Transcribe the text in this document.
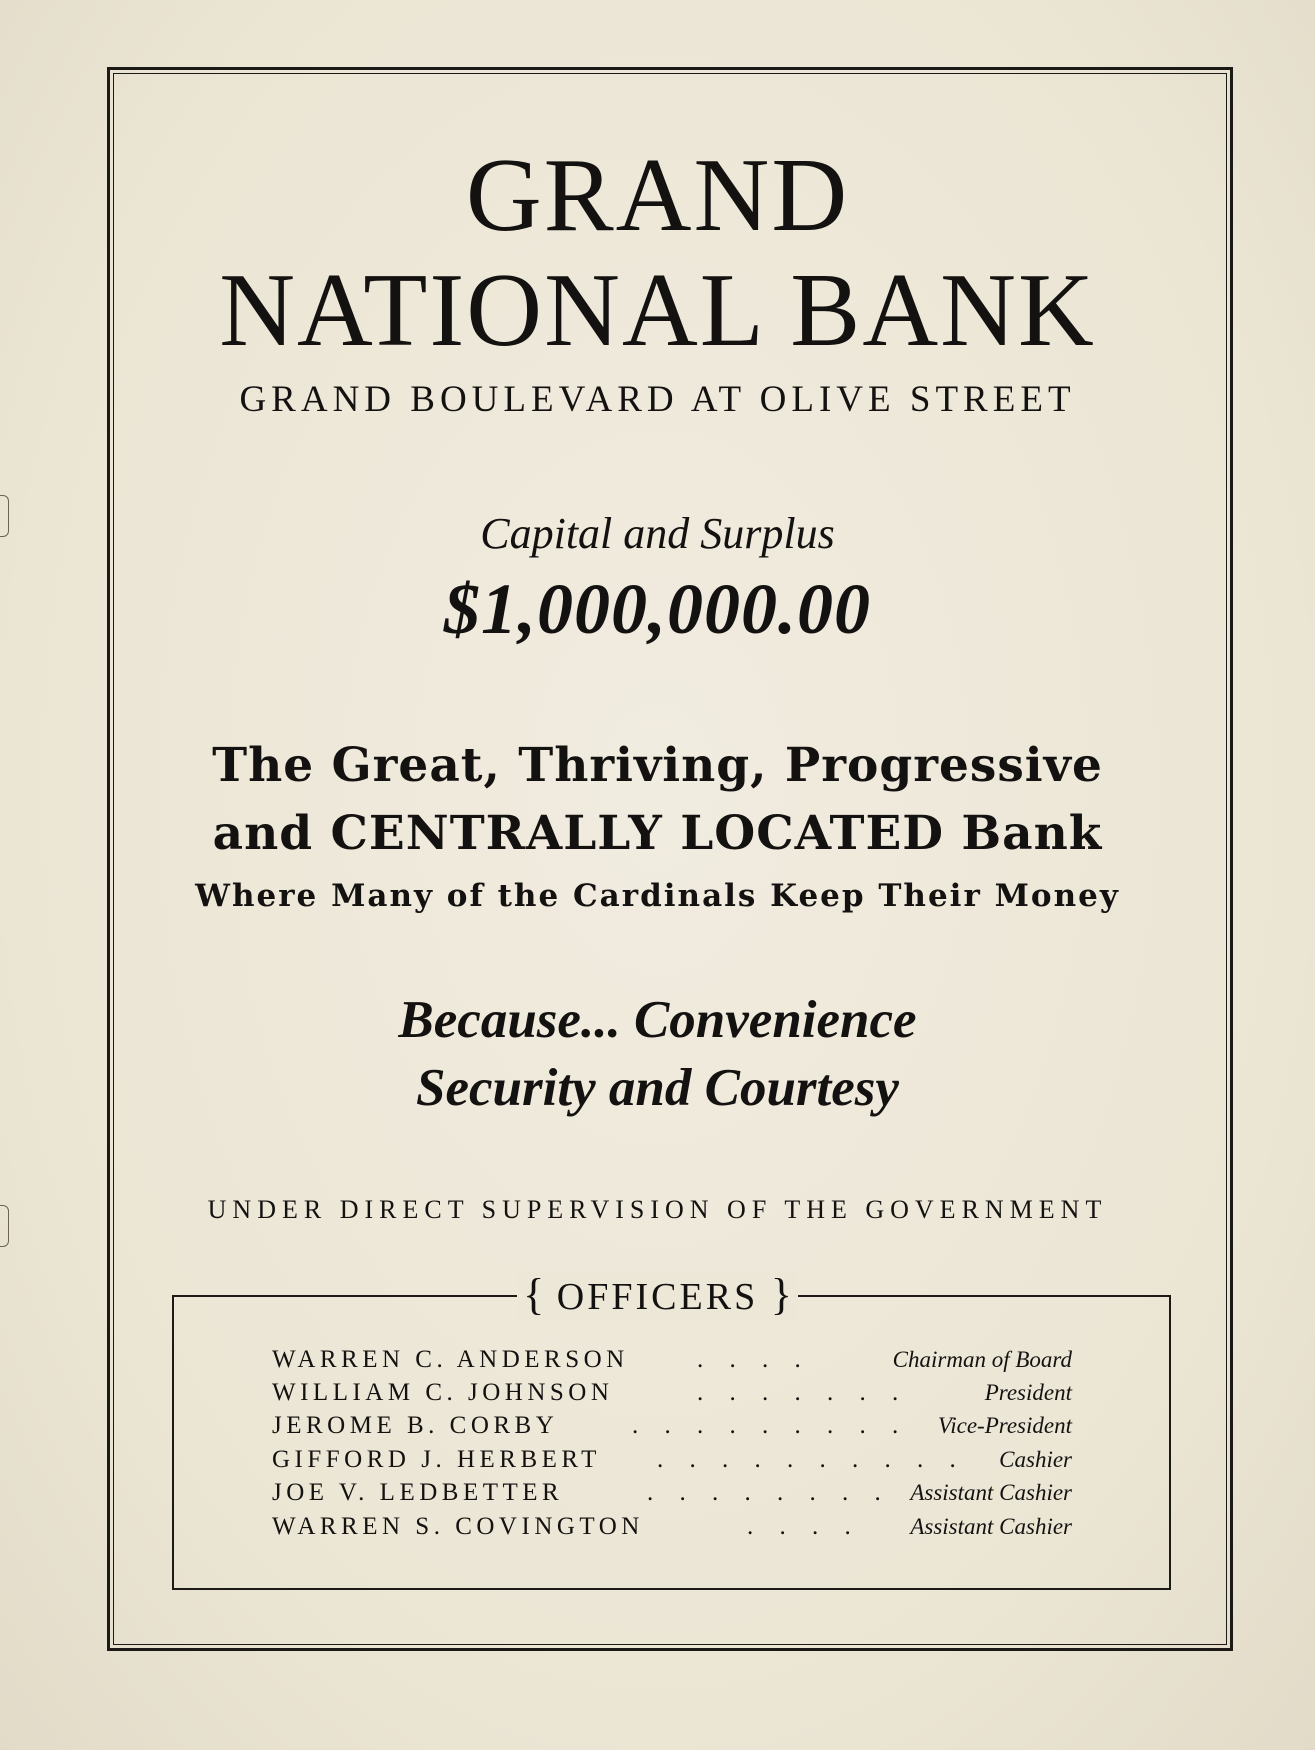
GRAND
NATIONAL BANK
GRAND BOULEVARD AT OLIVE STREET
Capital and Surplus
$1,000,000.00
The Great, Thriving, Progressive
and CENTRALLY LOCATED Bank
Where Many of the Cardinals Keep Their Money
Because... Convenience
Security and Courtesy
UNDER DIRECT SUPERVISION OF THE GOVERNMENT
{ OFFICERS }
WARREN C. ANDERSON	. . . .	Chairman of Board
WILLIAM C. JOHNSON	. . . . . . .	President
JEROME B. CORBY	. . . . . . . . . Vice-President
GIFFORD J. HERBERT . . . . . . . . . . Cashier
JOE V. LEDBETTER	. . . . . . . . Assistant Cashier
WARREN S. COVINGTON	. . . . Assistant Cashier
